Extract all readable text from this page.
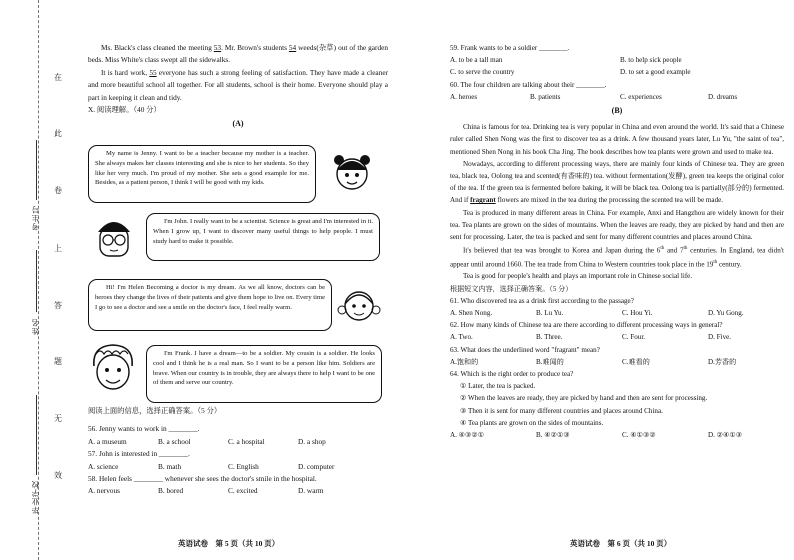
在
此
卷
上
答
题
无
效
考生号
姓名
毕业学校

Ms. Black's class cleaned the meeting 53. Mr. Brown's students 54 weeds(杂草) out of the garden beds. Miss White's class swept all the sidewalks.

It is hard work, 55 everyone has such a strong feeling of satisfaction. They have made a cleaner and more beautiful school all together. For all students, school is their home. Everyone should play a part in keeping it clean and tidy.

X. 阅读理解。（40 分）

(A)
My name is Jenny. I want to be a teacher because my mother is a teacher. She always makes her classes interesting and she is nice to her students. So they like her very much. I'm proud of my mother. She sets a good example for me. Besides, as a patient person, I think I will be good with my kids.
I'm John. I really want to be a scientist. Science is great and I'm interested in it. When I grow up, I want to discover many useful things to help people. I must study hard to make it possible.
Hi! I'm Helen Becoming a doctor is my dream. As we all know, doctors can be heroes they change the lives of their patients and give them hope to live on. Every time I go to see a doctor and see a smile on the doctor's face, I feel really warm.
I'm Frank. I have a dream—to be a soldier. My cousin is a soldier. He looks cool and I think he is a real man. So I want to be a person like him. Soldiers are brave. When our country is in trouble, they are always there to help I want to be one of them and serve our country.

阅读上面的信息，选择正确答案。（5 分）

56. Jenny wants to work in ________.
A. a museum	B. a school	C. a hospital	D. a shop
57. John is interested in ________.
A. science	B. math	C. English	D. computer
58. Helen feels ________ whenever she sees the doctor's smile in the hospital.
A. nervous	B. bored	C. excited	D. warm
英语试卷　第 5 页（共 10 页）
59. Frank wants to be a soldier ________.
A. to be a tall man	B. to help sick people
C. to serve the country	D. to set a good example
60. The four children are talking about their ________.
A. heroes	B. patients	C. experiences	D. dreams
(B)

China is famous for tea. Drinking tea is very popular in China and even around the world. It's said that a Chinese ruler called Shen Nong was the first to discover tea as a drink. A few thousand years later, Lu Yu, "the saint of tea", mentioned Shen Nong in his book Cha Jing. The book describes how tea plants were grown and used to make tea.

Nowadays, according to different processing ways, there are mainly four kinds of Chinese tea. They are green tea, black tea, Oolong tea and scented(有香味的) tea. without fermentation(发酵), green tea keeps the original color of the tea. If the green tea is fermented before baking, it will be black tea. Oolong tea is partially(部分的) fermented. And if fragrant flowers are mixed in the tea during the processing the scented tea will be made.

Tea is produced in many different areas in China. For example, Anxi and Hangzhou are widely known for their tea. Tea plants are grown on the sides of mountains. When the leaves are ready, they are picked by hand and then are sent for processing. Later, the tea is packed and sent for many different countries and places around China.

It's believed that tea was brought to Korea and Japan during the 6th and 7th centuries. In England, tea didn't appear until around 1660. The tea trade from China to Western countries took place in the 19th century.

Tea is good for people's health and plays an important role in Chinese social life.

根据短文内容，选择正确答案。（5 分）

61. Who discovered tea as a drink first according to the passage?
A. Shen Nong.	B. Lu Yu.	C. Hou Yi.	D. Yu Gong.
62. How many kinds of Chinese tea are there according to different processing ways in general?
A. Two.	B. Three.	C. Four.	D. Five.
63. What does the underlined word "fragrant" mean?
A.饱和的	B.难闻的	C.难看的	D.芳香的
64. Which is the right order to produce tea?
① Later, the tea is packed.
② When the leaves are ready, they are picked by hand and then are sent for processing.
③ Then it is sent for many different countries and places around China.
④ Tea plants are grown on the sides of mountains.
A. ④③②①	B. ④②①③	C. ④①③②	D. ②④①③
英语试卷　第 6 页（共 10 页）
